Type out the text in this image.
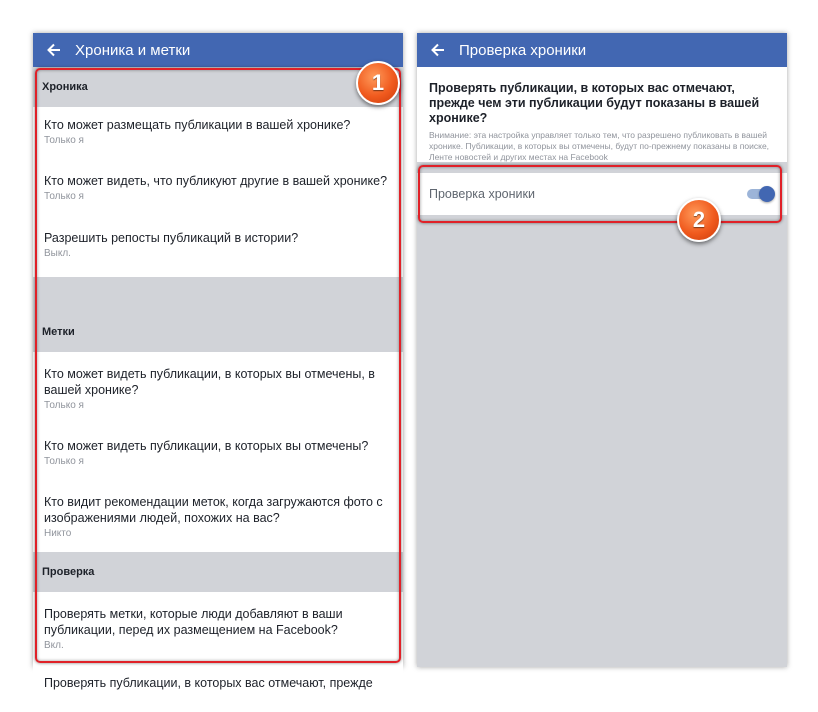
Хроника и метки
Хроника
Кто может размещать публикации в вашей хронике?
Только я
Кто может видеть, что публикуют другие в вашей хронике?
Только я
Разрешить репосты публикаций в истории?
Выкл.
Метки
Кто может видеть публикации, в которых вы отмечены, в вашей хронике?
Только я
Кто может видеть публикации, в которых вы отмечены?
Только я
Кто видит рекомендации меток, когда загружаются фото с изображениями людей, похожих на вас?
Никто
Проверка
Проверять метки, которые люди добавляют в ваши публикации, перед их размещением на Facebook?
Вкл.
Проверять публикации, в которых вас отмечают, прежде
Проверка хроники
Проверять публикации, в которых вас отмечают, прежде чем эти публикации будут показаны в вашей хронике?
Внимание: эта настройка управляет только тем, что разрешено публиковать в вашей хронике. Публикации, в которых вы отмечены, будут по-прежнему показаны в поиске, Ленте новостей и других местах на Facebook
Проверка хроники
1
2
